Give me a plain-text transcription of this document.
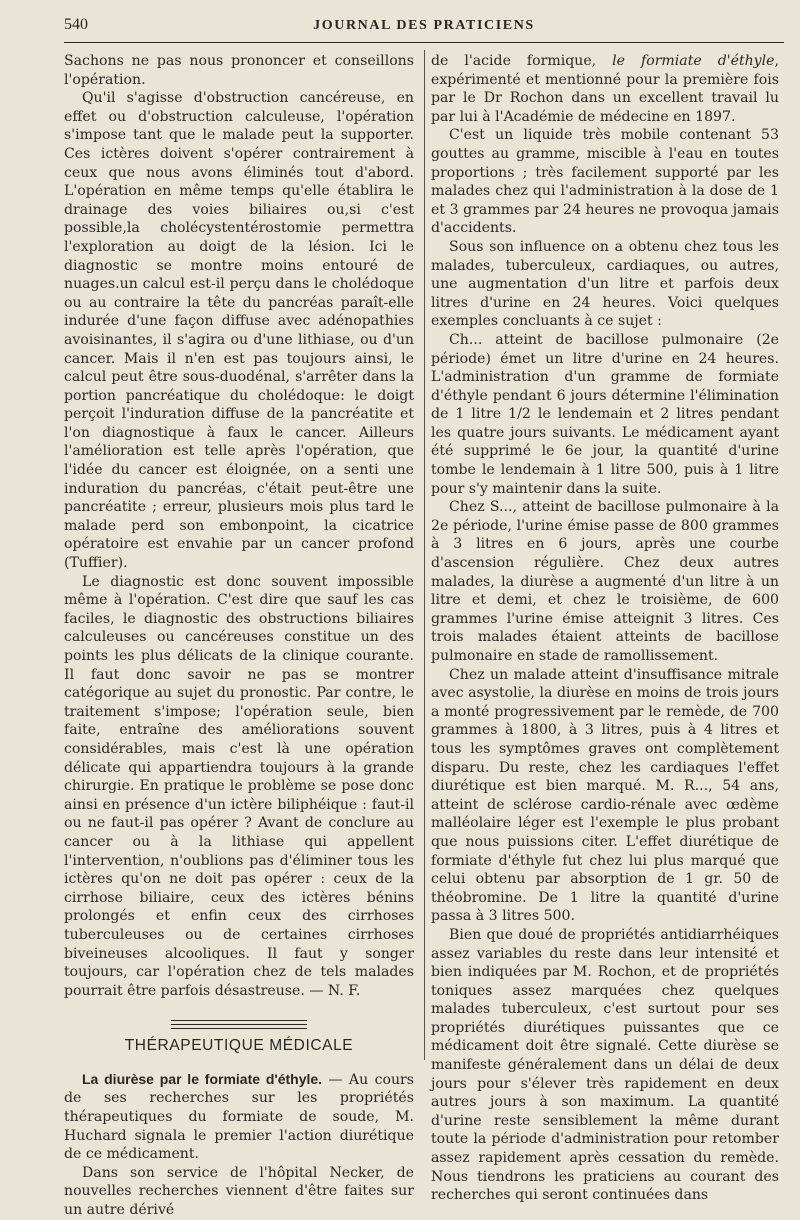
540	JOURNAL DES PRATICIENS

Sachons ne pas nous prononcer et conseillons l'opération.

Qu'il s'agisse d'obstruction cancéreuse, en effet ou d'obstruction calculeuse, l'opération s'impose tant que le malade peut la supporter. Ces ictères doivent s'opérer contrairement à ceux que nous avons éliminés tout d'abord. L'opération en même temps qu'elle établira le drainage des voies biliaires ou,si c'est possible,la cholécystentérostomie permettra l'exploration au doigt de la lésion. Ici le diagnostic se montre moins entouré de nuages.un calcul est-il perçu dans le cholédoque ou au contraire la tête du pancréas paraît-elle indurée d'une façon diffuse avec adénopathies avoisinantes, il s'agira ou d'une lithiase, ou d'un cancer. Mais il n'en est pas toujours ainsi, le calcul peut être sous-duodénal, s'arrêter dans la portion pancréatique du cholédoque: le doigt perçoit l'induration diffuse de la pancréatite et l'on diagnostique à faux le cancer. Ailleurs l'amélioration est telle après l'opération, que l'idée du cancer est éloignée, on a senti une induration du pancréas, c'était peut-être une pancréatite ; erreur, plusieurs mois plus tard le malade perd son embonpoint, la cicatrice opératoire est envahie par un cancer profond (Tuffier).

Le diagnostic est donc souvent impossible même à l'opération. C'est dire que sauf les cas faciles, le diagnostic des obstructions biliaires calculeuses ou cancéreuses constitue un des points les plus délicats de la clinique courante. Il faut donc savoir ne pas se montrer catégorique au sujet du pronostic. Par contre, le traitement s'impose; l'opération seule, bien faite, entraîne des améliorations souvent considérables, mais c'est là une opération délicate qui appartiendra toujours à la grande chirurgie. En pratique le problème se pose donc ainsi en présence d'un ictère biliphéique : faut-il ou ne faut-il pas opérer ? Avant de conclure au cancer ou à la lithiase qui appellent l'intervention, n'oublions pas d'éliminer tous les ictères qu'on ne doit pas opérer : ceux de la cirrhose biliaire, ceux des ictères bénins prolongés et enfin ceux des cirrhoses tuberculeuses ou de certaines cirrhoses biveineuses alcooliques. Il faut y songer toujours, car l'opération chez de tels malades pourrait être parfois désastreuse. — N. F.

THÉRAPEUTIQUE MÉDICALE

La diurèse par le formiate d'éthyle. — Au cours de ses recherches sur les propriétés thérapeutiques du formiate de soude, M. Huchard signala le premier l'action diurétique de ce médicament.

Dans son service de l'hôpital Necker, de nouvelles recherches viennent d'être faites sur un autre dérivé

de l'acide formique, le formiate d'éthyle, expérimenté et mentionné pour la première fois par le Dr Rochon dans un excellent travail lu par lui à l'Académie de médecine en 1897.

C'est un liquide très mobile contenant 53 gouttes au gramme, miscible à l'eau en toutes proportions ; très facilement supporté par les malades chez qui l'administration à la dose de 1 et 3 grammes par 24 heures ne provoqua jamais d'accidents.

Sous son influence on a obtenu chez tous les malades, tuberculeux, cardiaques, ou autres, une augmentation d'un litre et parfois deux litres d'urine en 24 heures. Voici quelques exemples concluants à ce sujet :

Ch... atteint de bacillose pulmonaire (2e période) émet un litre d'urine en 24 heures. L'administration d'un gramme de formiate d'éthyle pendant 6 jours détermine l'élimination de 1 litre 1/2 le lendemain et 2 litres pendant les quatre jours suivants. Le médicament ayant été supprimé le 6e jour, la quantité d'urine tombe le lendemain à 1 litre 500, puis à 1 litre pour s'y maintenir dans la suite.

Chez S..., atteint de bacillose pulmonaire à la 2e période, l'urine émise passe de 800 grammes à 3 litres en 6 jours, après une courbe d'ascension régulière. Chez deux autres malades, la diurèse a augmenté d'un litre à un litre et demi, et chez le troisième, de 600 grammes l'urine émise atteignit 3 litres. Ces trois malades étaient atteints de bacillose pulmonaire en stade de ramollissement.

Chez un malade atteint d'insuffisance mitrale avec asystolie, la diurèse en moins de trois jours a monté progressivement par le remède, de 700 grammes à 1800, à 3 litres, puis à 4 litres et tous les symptômes graves ont complètement disparu. Du reste, chez les cardiaques l'effet diurétique est bien marqué. M. R..., 54 ans, atteint de sclérose cardio-rénale avec œdème malléolaire léger est l'exemple le plus probant que nous puissions citer. L'effet diurétique de formiate d'éthyle fut chez lui plus marqué que celui obtenu par absorption de 1 gr. 50 de théobromine. De 1 litre la quantité d'urine passa à 3 litres 500.

Bien que doué de propriétés antidiarrhéiques assez variables du reste dans leur intensité et bien indiquées par M. Rochon, et de propriétés toniques assez marquées chez quelques malades tuberculeux, c'est surtout pour ses propriétés diurétiques puissantes que ce médicament doit être signalé. Cette diurèse se manifeste généralement dans un délai de deux jours pour s'élever très rapidement en deux autres jours à son maximum. La quantité d'urine reste sensiblement la même durant toute la période d'administration pour retomber assez rapidement après cessation du remède. Nous tiendrons les praticiens au courant des recherches qui seront continuées dans
